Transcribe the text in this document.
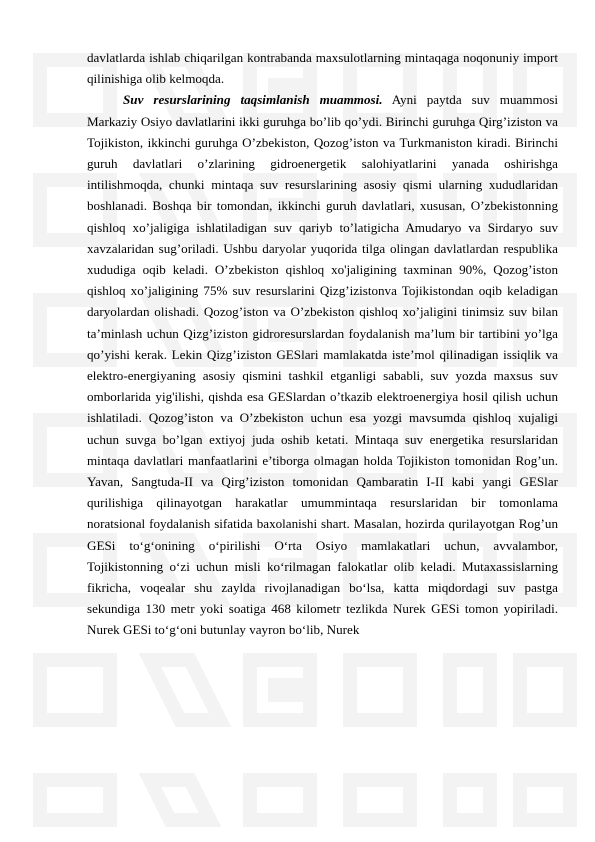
davlatlarda ishlab chiqarilgan kontrabanda maxsulotlarning mintaqaga noqonuniy import qilinishiga olib kelmoqda.

Suv resurslarining taqsimlanish muammosi. Ayni paytda suv muammosi Markaziy Osiyo davlatlarini ikki guruhga bo’lib qo’ydi. Birinchi guruhga Qirg’iziston va Tojikiston, ikkinchi guruhga O’zbekiston, Qozog’iston va Turkmaniston kiradi. Birinchi guruh davlatlari o’zlarining gidroenergetik salohiyatlarini yanada oshirishga intilishmoqda, chunki mintaqa suv resurslarining asosiy qismi ularning xududlaridan boshlanadi. Boshqa bir tomondan, ikkinchi guruh davlatlari, xususan, O’zbekistonning qishloq xo’jaligiga ishlatiladigan suv qariyb to’latigicha Amudaryo va Sirdaryo suv xavzalaridan sug’oriladi. Ushbu daryolar yuqorida tilga olingan davlatlardan respublika xududiga oqib keladi. O’zbekiston qishloq xo'jaligining taxminan 90%, Qozog’iston qishloq xo’jaligining 75% suv resurslarini Qizg’izistonva Tojikistondan oqib keladigan daryolardan olishadi. Qozog’iston va O’zbekiston qishloq xo’jaligini tinimsiz suv bilan ta’minlash uchun Qizg’iziston gidroresurslardan foydalanish ma’lum bir tartibini yo’lga qo’yishi kerak. Lekin Qizg’iziston GESlari mamlakatda iste’mol qilinadigan issiqlik va elektro-energiyaning asosiy qismini tashkil etganligi sababli, suv yozda maxsus suv omborlarida yig'ilishi, qishda esa GESlardan o’tkazib elektroenergiya hosil qilish uchun ishlatiladi. Qozog’iston va O’zbekiston uchun esa yozgi mavsumda qishloq xujaligi uchun suvga bo’lgan extiyoj juda oshib ketati. Mintaqa suv energetika resurslaridan mintaqa davlatlari manfaatlarini e’tiborga olmagan holda Tojikiston tomonidan Rog’un. Yavan, Sangtuda-II va Qirg’iziston tomonidan Qambaratin I-II kabi yangi GESlar qurilishiga qilinayotgan harakatlar umummintaqa resurslaridan bir tomonlama noratsional foydalanish sifatida baxolanishi shart. Masalan, hozirda qurilayotgan Rog’un GESi to‘g‘onining o‘pirilishi O‘rta Osiyo mamlakatlari uchun, avvalambor, Tojikistonning o‘zi uchun misli ko‘rilmagan falokatlar olib keladi. Mutaxassislarning fikricha, voqealar shu zaylda rivojlanadigan bo‘lsa, katta miqdordagi suv pastga sekundiga 130 metr yoki soatiga 468 kilometr tezlikda Nurek GESi tomon yopiriladi. Nurek GESi to‘g‘oni butunlay vayron bo‘lib, Nurek
